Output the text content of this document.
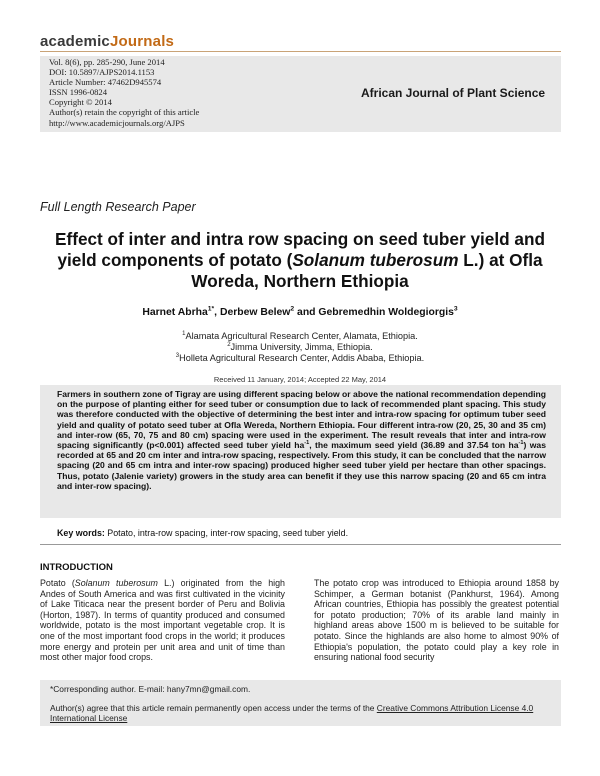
academicJournals
Vol. 8(6), pp. 285-290, June 2014
DOI: 10.5897/AJPS2014.1153
Article Number: 47462D945574
ISSN 1996-0824
Copyright © 2014
Author(s) retain the copyright of this article
http://www.academicjournals.org/AJPS
African Journal of Plant Science
Full Length Research Paper
Effect of inter and intra row spacing on seed tuber yield and yield components of potato (Solanum tuberosum L.) at Ofla Woreda, Northern Ethiopia
Harnet Abrha$^{1*}$, Derbew Belew$^2$ and Gebremedhin Woldegiorgis$^3$
$^1$Alamata Agricultural Research Center, Alamata, Ethiopia.
$^2$Jimma University, Jimma, Ethiopia.
$^3$Holleta Agricultural Research Center, Addis Ababa, Ethiopia.
Received 11 January, 2014; Accepted 22 May, 2014
Farmers in southern zone of Tigray are using different spacing below or above the national recommendation depending on the purpose of planting either for seed tuber or consumption due to lack of recommended plant spacing. This study was therefore conducted with the objective of determining the best inter and intra-row spacing for optimum tuber seed yield and quality of potato seed tuber at Ofla Wereda, Northern Ethiopia. Four different intra-row (20, 25, 30 and 35 cm) and inter-row (65, 70, 75 and 80 cm) spacing were used in the experiment. The result reveals that inter and intra-row spacing significantly (p<0.001) affected seed tuber yield $ha^{-1}$, the maximum seed yield (36.89 and 37.54 ton $ha^{-1}$) was recorded at 65 and 20 cm inter and intra-row spacing, respectively. From this study, it can be concluded that the narrow spacing (20 and 65 cm intra and inter-row spacing) produced higher seed tuber yield per hectare than other spacings. Thus, potato (Jalenie variety) growers in the study area can benefit if they use this narrow spacing (20 and 65 cm intra and inter-row spacing).
Key words: Potato, intra-row spacing, inter-row spacing, seed tuber yield.
INTRODUCTION
Potato (Solanum tuberosum L.) originated from the high Andes of South America and was first cultivated in the vicinity of Lake Titicaca near the present border of Peru and Bolivia (Horton, 1987). In terms of quantity produced and consumed worldwide, potato is the most important vegetable crop. It is one of the most important food crops in the world; it produces more energy and protein per unit area and unit of time than most other major food crops.
The potato crop was introduced to Ethiopia around 1858 by Schimper, a German botanist (Pankhurst, 1964). Among African countries, Ethiopia has possibly the greatest potential for potato production; 70% of its arable land mainly in highland areas above 1500 m is believed to be suitable for potato. Since the highlands are also home to almost 90% of Ethiopia's population, the potato could play a key role in ensuring national food security
*Corresponding author. E-mail: hany7mn@gmail.com.
Author(s) agree that this article remain permanently open access under the terms of the Creative Commons Attribution License 4.0 International License
